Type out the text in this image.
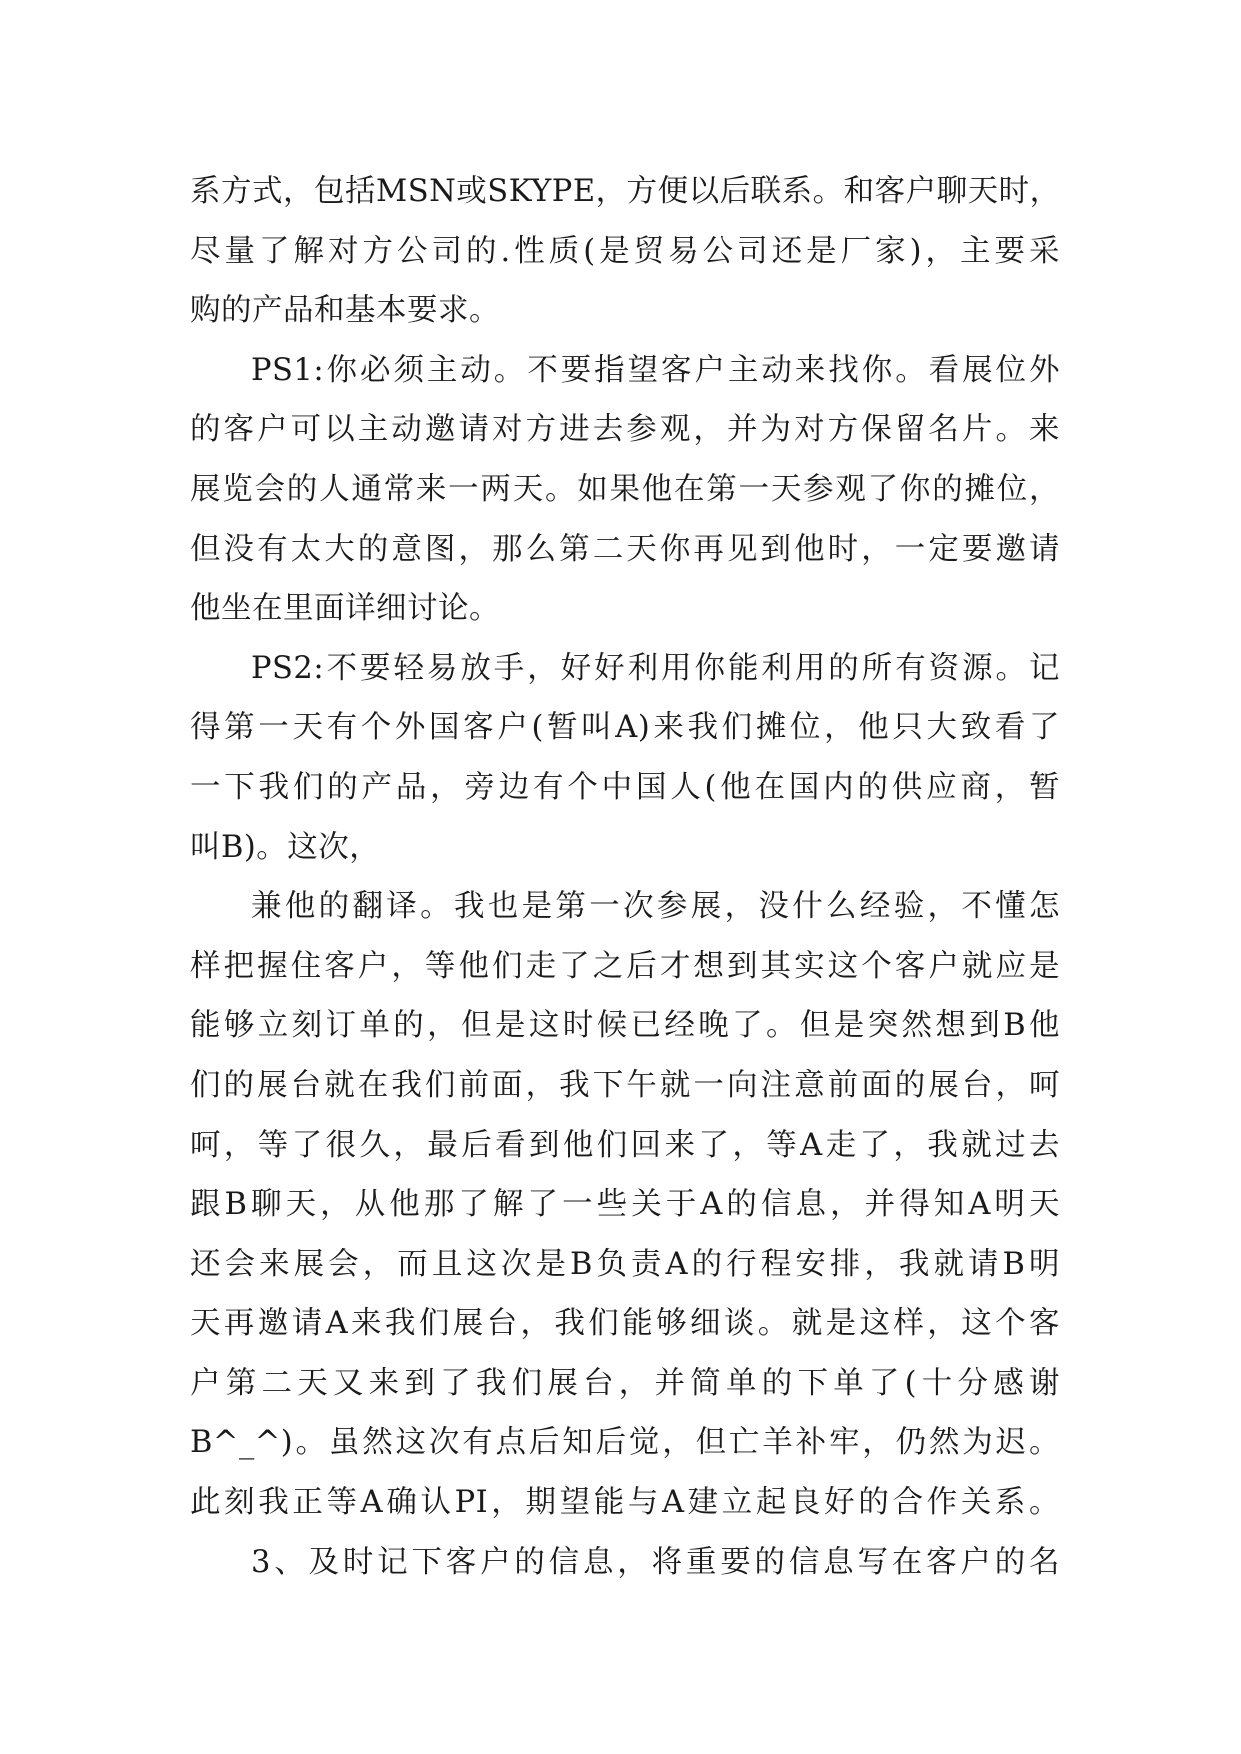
系方式，包括MSN或SKYPE，方便以后联系。和客户聊天时，
尽量了解对方公司的.性质(是贸易公司还是厂家)，主要采
购的产品和基本要求。
PS1:你必须主动。不要指望客户主动来找你。看展位外
的客户可以主动邀请对方进去参观，并为对方保留名片。来
展览会的人通常来一两天。如果他在第一天参观了你的摊位，
但没有太大的意图，那么第二天你再见到他时，一定要邀请
他坐在里面详细讨论。
PS2:不要轻易放手，好好利用你能利用的所有资源。记
得第一天有个外国客户(暂叫A)来我们摊位，他只大致看了
一下我们的产品，旁边有个中国人(他在国内的供应商，暂
叫B)。这次，
兼他的翻译。我也是第一次参展，没什么经验，不懂怎
样把握住客户，等他们走了之后才想到其实这个客户就应是
能够立刻订单的，但是这时候已经晚了。但是突然想到B他
们的展台就在我们前面，我下午就一向注意前面的展台，呵
呵，等了很久，最后看到他们回来了，等A走了，我就过去
跟B聊天，从他那了解了一些关于A的信息，并得知A明天
还会来展会，而且这次是B负责A的行程安排，我就请B明
天再邀请A来我们展台，我们能够细谈。就是这样，这个客
户第二天又来到了我们展台，并简单的下单了(十分感谢
B^_^)。虽然这次有点后知后觉，但亡羊补牢，仍然为迟。
此刻我正等A确认PI，期望能与A建立起良好的合作关系。
3、及时记下客户的信息，将重要的信息写在客户的名
